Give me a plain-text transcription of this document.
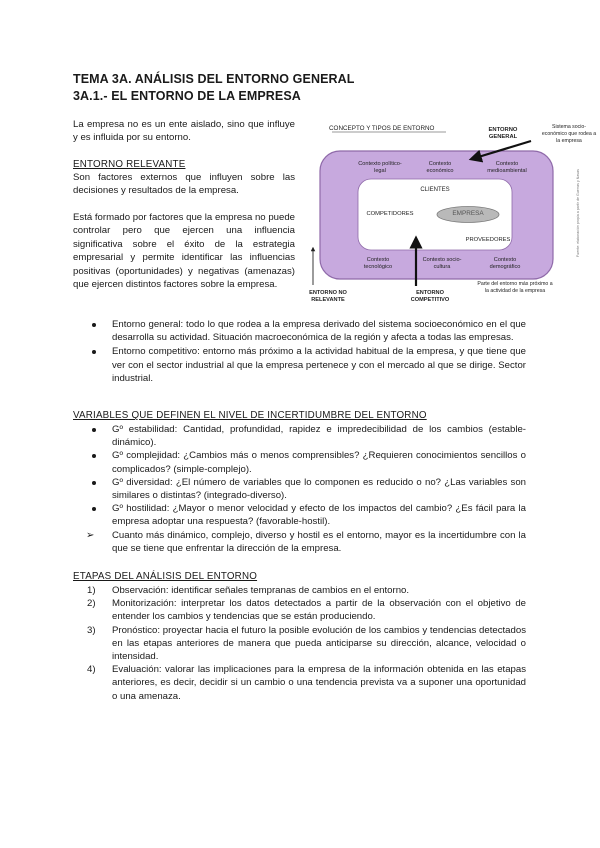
TEMA 3A. ANÁLISIS DEL ENTORNO GENERAL
3A.1.- EL ENTORNO DE LA EMPRESA
La empresa no es un ente aislado, sino que influye y es influida por su entorno.
ENTORNO RELEVANTE
Son factores externos que influyen sobre las decisiones y resultados de la empresa.
Está formado por factores que la empresa no puede controlar pero que ejercen una influencia significativa sobre el éxito de la estrategia empresarial y permite identificar las influencias positivas (oportunidades) y negativas (amenazas) que ejercen distintos factores sobre la empresa.
CONCEPTO Y TIPOS DE ENTORNO	ENTORNO GENERAL
Sistema socio-económico que rodea a la empresa
Contexto político-legal
Contexto económico
Contexto medioambiental
CLIENTES
COMPETIDORES	EMPRESA
PROVEEDORES
Contexto tecnológico
Contexto socio-cultura
Contexto demográfico
ENTORNO NO RELEVANTE
ENTORNO COMPETITIVO
Parte del entorno más próximo a la actividad de la empresa
Fuente: elaboración propia a partir de Guerras y Navas
Entorno general: todo lo que rodea a la empresa derivado del sistema socioeconómico en el que desarrolla su actividad. Situación macroeconómica de la región y afecta a todas las empresas.
Entorno competitivo: entorno más próximo a la actividad habitual de la empresa, y que tiene que ver con el sector industrial al que la empresa pertenece y con el mercado al que se dirige. Sector industrial.
VARIABLES QUE DEFINEN EL NIVEL DE INCERTIDUMBRE DEL ENTORNO
Gº estabilidad: Cantidad, profundidad, rapidez e impredecibilidad de los cambios (estable-dinámico).
Gº complejidad: ¿Cambios más o menos comprensibles? ¿Requieren conocimientos sencillos o complicados? (simple-complejo).
Gº diversidad: ¿El número de variables que lo componen es reducido o no? ¿Las variables son similares o distintas? (integrado-diverso).
Gº hostilidad: ¿Mayor o menor velocidad y efecto de los impactos del cambio? ¿Es fácil para la empresa adoptar una respuesta? (favorable-hostil).
➢	Cuanto más dinámico, complejo, diverso y hostil es el entorno, mayor es la incertidumbre con la que se tiene que enfrentar la dirección de la empresa.
ETAPAS DEL ANÁLISIS DEL ENTORNO
1)	Observación: identificar señales tempranas de cambios en el entorno.
2)	Monitorización: interpretar los datos detectados a partir de la observación con el objetivo de entender los cambios y tendencias que se están produciendo.
3)	Pronóstico: proyectar hacia el futuro la posible evolución de los cambios y tendencias detectados en las etapas anteriores de manera que pueda anticiparse su dirección, alcance, velocidad o intensidad.
4)	Evaluación: valorar las implicaciones para la empresa de la información obtenida en las etapas anteriores, es decir, decidir si un cambio o una tendencia prevista va a suponer una oportunidad o una amenaza.
